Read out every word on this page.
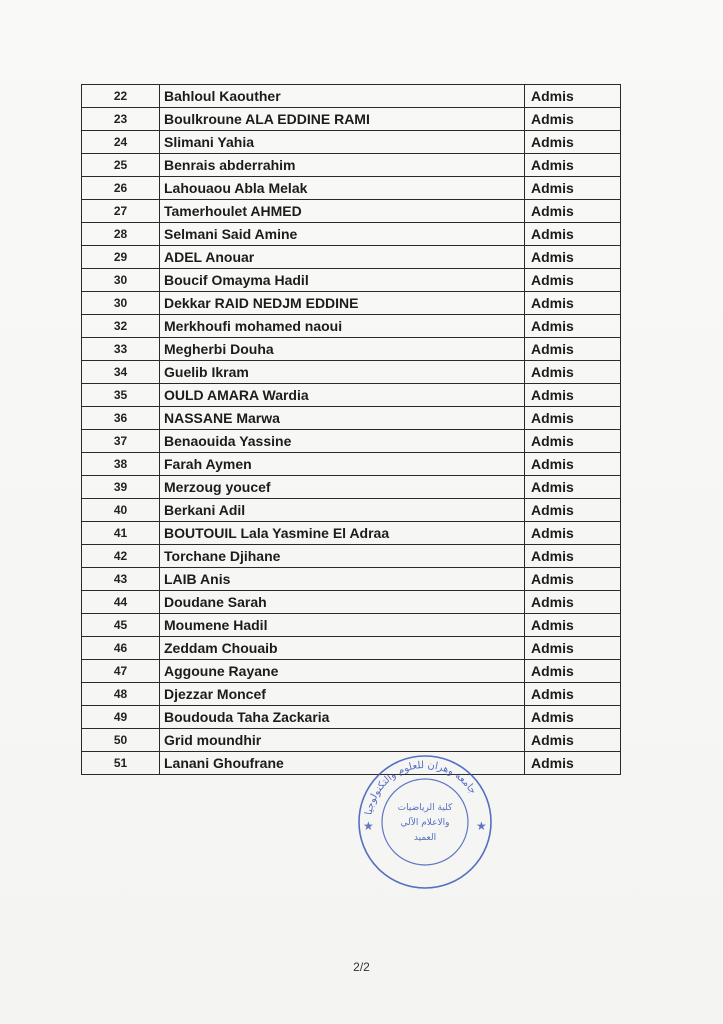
22	Bahloul Kaouther	Admis
23	Boulkroune ALA EDDINE RAMI	Admis
24	Slimani Yahia	Admis
25	Benrais abderrahim	Admis
26	Lahouaou Abla Melak	Admis
27	Tamerhoulet AHMED	Admis
28	Selmani Said Amine	Admis
29	ADEL Anouar	Admis
30	Boucif Omayma Hadil	Admis
30	Dekkar RAID NEDJM EDDINE	Admis
32	Merkhoufi mohamed naoui	Admis
33	Megherbi Douha	Admis
34	Guelib Ikram	Admis
35	OULD AMARA Wardia	Admis
36	NASSANE Marwa	Admis
37	Benaouida Yassine	Admis
38	Farah Aymen	Admis
39	Merzoug youcef	Admis
40	Berkani Adil	Admis
41	BOUTOUIL Lala Yasmine El Adraa	Admis
42	Torchane Djihane	Admis
43	LAIB Anis	Admis
44	Doudane Sarah	Admis
45	Moumene Hadil	Admis
46	Zeddam Chouaib	Admis
47	Aggoune Rayane	Admis
48	Djezzar Moncef	Admis
49	Boudouda Taha Zackaria	Admis
50	Grid moundhir	Admis
51	Lanani Ghoufrane	Admis
جامعة وهران للعلوم والتكنولوجيا
كلية الرياضيات
والاعلام الآلي
العميد
★	★
2/2
